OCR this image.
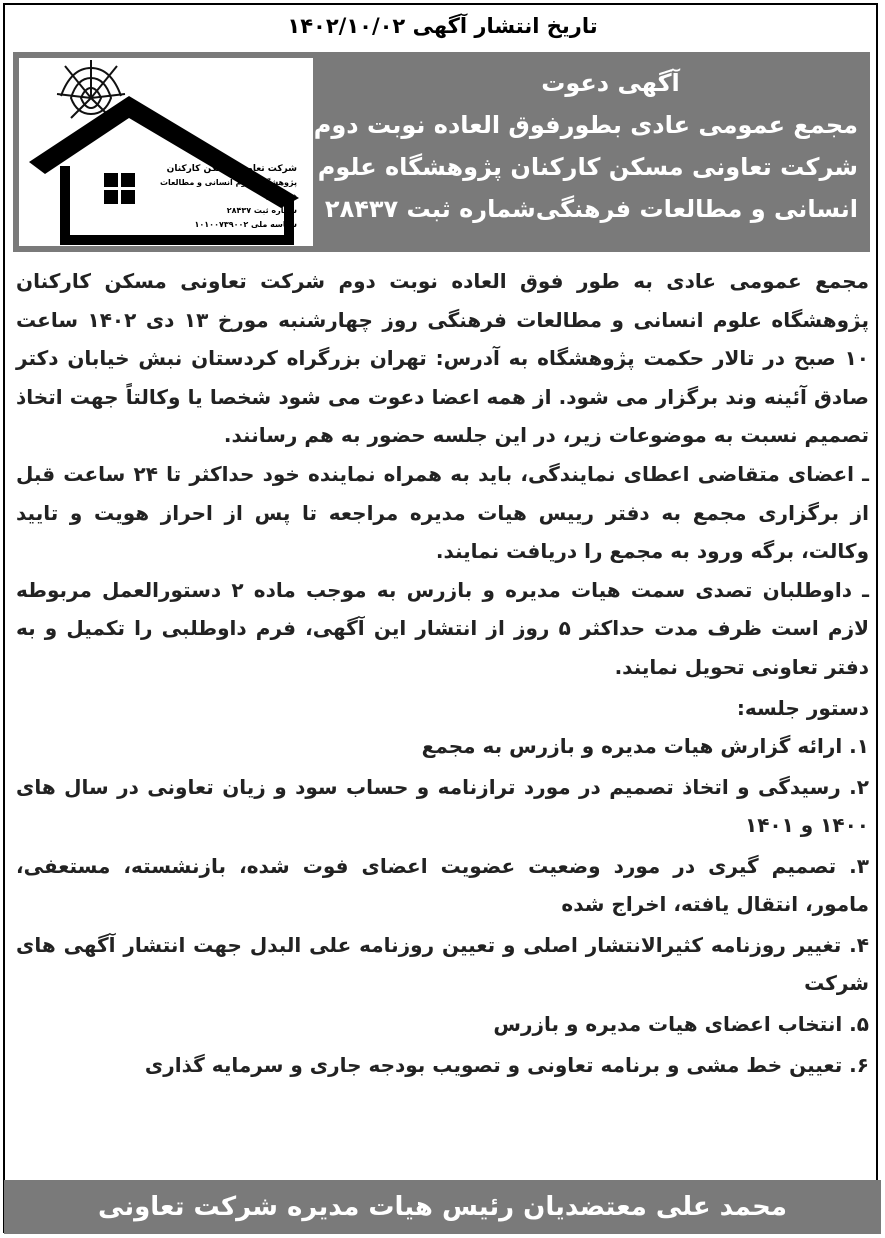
تاریخ انتشار آگهی ۱۴۰۲/۱۰/۰۲
شرکت تعاونی مسکن کارکنان
پژوهشگاه علوم انسانی و مطالعات فرهنگی
شماره ثبت ۲۸۴۳۷
شناسه ملی ۱۰۱۰۰۷۳۹۰۰۲
آگهی دعوت
مجمع عمومی عادی بطورفوق العاده نوبت دوم
شرکت تعاونی مسکن کارکنان پژوهشگاه علوم
انسانی و مطالعات فرهنگی‌شماره ثبت ۲۸۴۳۷

مجمع عمومی عادی به طور فوق العاده نوبت دوم شرکت تعاونی مسکن کارکنان پژوهشگاه علوم انسانی و مطالعات فرهنگی روز چهارشنبه مورخ ۱۳ دی ۱۴۰۲ ساعت ۱۰ صبح در تالار حکمت پژوهشگاه به آدرس: تهران بزرگراه کردستان نبش خیابان دکتر صادق آئینه وند برگزار می شود. از همه اعضا دعوت می شود شخصا یا وکالتاً جهت اتخاذ تصمیم نسبت به موضوعات زیر، در این جلسه حضور به هم رسانند.

ـ اعضای متقاضی اعطای نمایندگی، باید به همراه نماینده خود حداکثر تا ۲۴ ساعت قبل از برگزاری مجمع به دفتر رییس هیات مدیره مراجعه تا پس از احراز هویت و تایید وکالت، برگه ورود به مجمع را دریافت نمایند.

ـ داوطلبان تصدی سمت هیات مدیره و بازرس به موجب ماده ۲ دستورالعمل مربوطه لازم است ظرف مدت حداکثر ۵ روز از انتشار این آگهی، فرم داوطلبی را تکمیل و به دفتر تعاونی تحویل نمایند.

دستور جلسه:

۱. ارائه گزارش هیات مدیره و بازرس به مجمع
۲. رسیدگی و اتخاذ تصمیم در مورد ترازنامه و حساب سود و زیان تعاونی در سال های ۱۴۰۰ و ۱۴۰۱
۳. تصمیم گیری در مورد وضعیت عضویت اعضای فوت شده، بازنشسته، مستعفی، مامور، انتقال یافته، اخراج شده
۴. تغییر روزنامه کثیرالانتشار اصلی و تعیین روزنامه علی البدل جهت انتشار آگهی های شرکت
۵. انتخاب اعضای هیات مدیره و بازرس
۶. تعیین خط مشی و برنامه تعاونی و تصویب بودجه جاری و سرمایه گذاری
محمد علی معتضدیان رئیس هیات مدیره شرکت تعاونی
